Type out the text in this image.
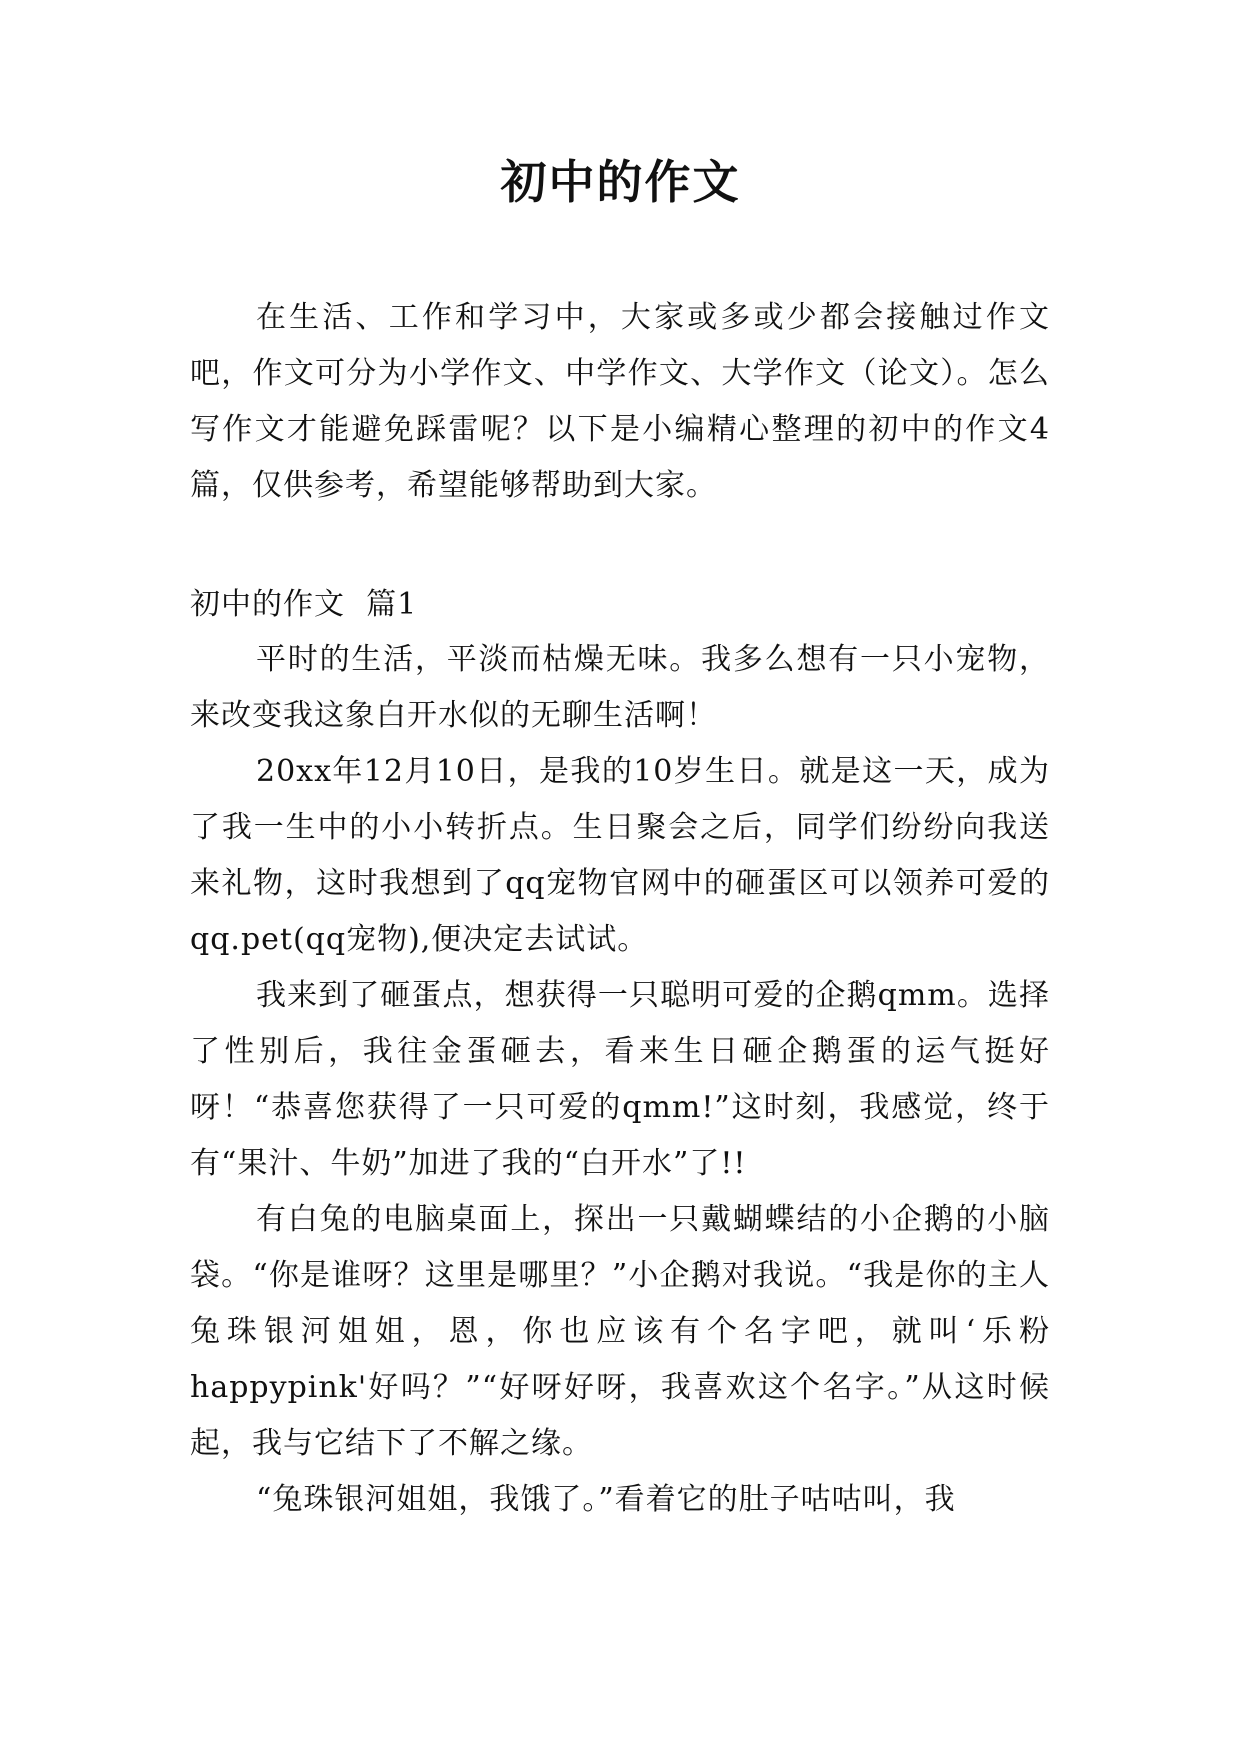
初中的作文

在生活、工作和学习中，大家或多或少都会接触过作文吧，作文可分为小学作文、中学作文、大学作文（论文）。怎么写作文才能避免踩雷呢？以下是小编精心整理的初中的作文4篇，仅供参考，希望能够帮助到大家。

初中的作文  篇1

平时的生活，平淡而枯燥无味。我多么想有一只小宠物，来改变我这象白开水似的无聊生活啊！

20xx年12月10日，是我的10岁生日。就是这一天，成为了我一生中的小小转折点。生日聚会之后，同学们纷纷向我送来礼物，这时我想到了qq宠物官网中的砸蛋区可以领养可爱的qq.pet(qq宠物),便决定去试试。

我来到了砸蛋点，想获得一只聪明可爱的企鹅qmm。选择了性别后，我往金蛋砸去，看来生日砸企鹅蛋的运气挺好呀！“恭喜您获得了一只可爱的qmm!”这时刻，我感觉，终于有“果汁、牛奶”加进了我的“白开水”了!!

有白兔的电脑桌面上，探出一只戴蝴蝶结的小企鹅的小脑袋。“你是谁呀？这里是哪里？”小企鹅对我说。“我是你的主人兔珠银河姐姐，恩，你也应该有个名字吧，就叫‘乐粉happypink'好吗？”“好呀好呀，我喜欢这个名字。”从这时候起，我与它结下了不解之缘。

“兔珠银河姐姐，我饿了。”看着它的肚子咕咕叫，我
